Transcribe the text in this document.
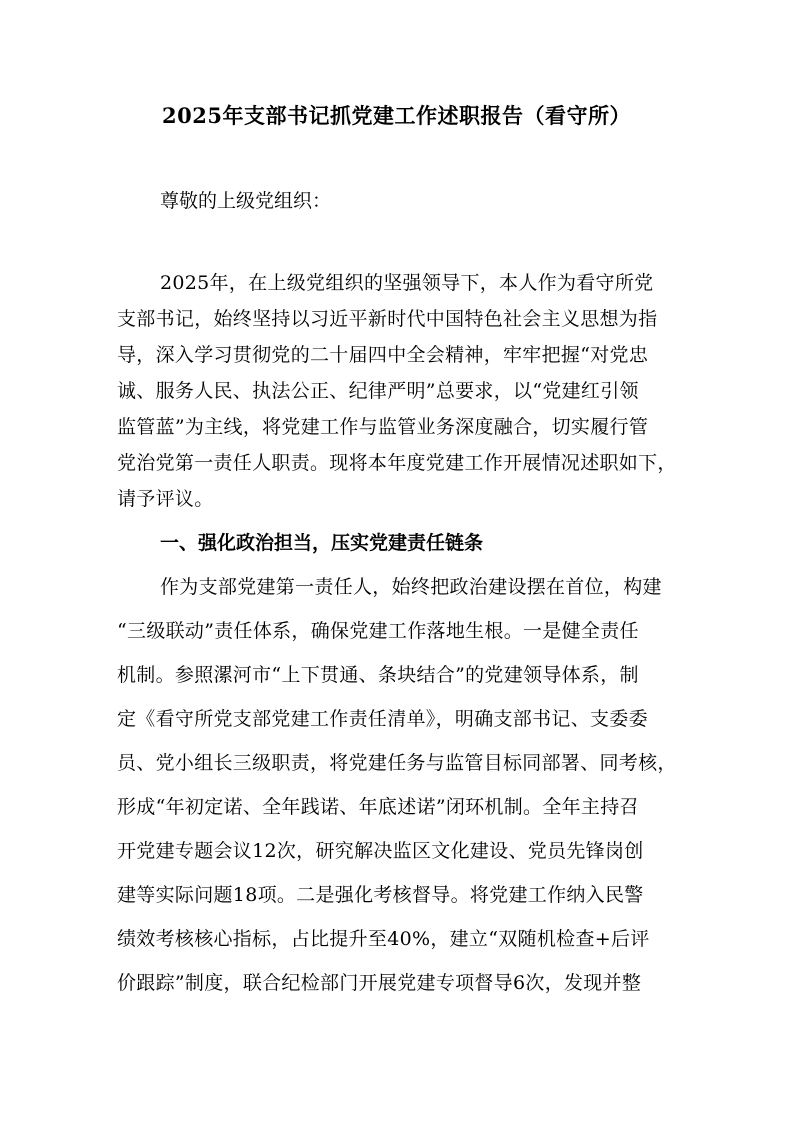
2025年支部书记抓党建工作述职报告（看守所）
尊敬的上级党组织：
2025年，在上级党组织的坚强领导下，本人作为看守所党
支部书记，始终坚持以习近平新时代中国特色社会主义思想为指
导，深入学习贯彻党的二十届四中全会精神，牢牢把握“对党忠
诚、服务人民、执法公正、纪律严明”总要求，以“党建红引领
监管蓝”为主线，将党建工作与监管业务深度融合，切实履行管
党治党第一责任人职责。现将本年度党建工作开展情况述职如下，
请予评议。
一、强化政治担当，压实党建责任链条
作为支部党建第一责任人，始终把政治建设摆在首位，构建
“三级联动”责任体系，确保党建工作落地生根。一是健全责任
机制。参照漯河市“上下贯通、条块结合”的党建领导体系，制
定《看守所党支部党建工作责任清单》，明确支部书记、支委委
员、党小组长三级职责，将党建任务与监管目标同部署、同考核，
形成“年初定诺、全年践诺、年底述诺”闭环机制。全年主持召
开党建专题会议12次，研究解决监区文化建设、党员先锋岗创
建等实际问题18项。二是强化考核督导。将党建工作纳入民警
绩效考核核心指标，占比提升至40%，建立“双随机检查+后评
价跟踪”制度，联合纪检部门开展党建专项督导6次，发现并整
